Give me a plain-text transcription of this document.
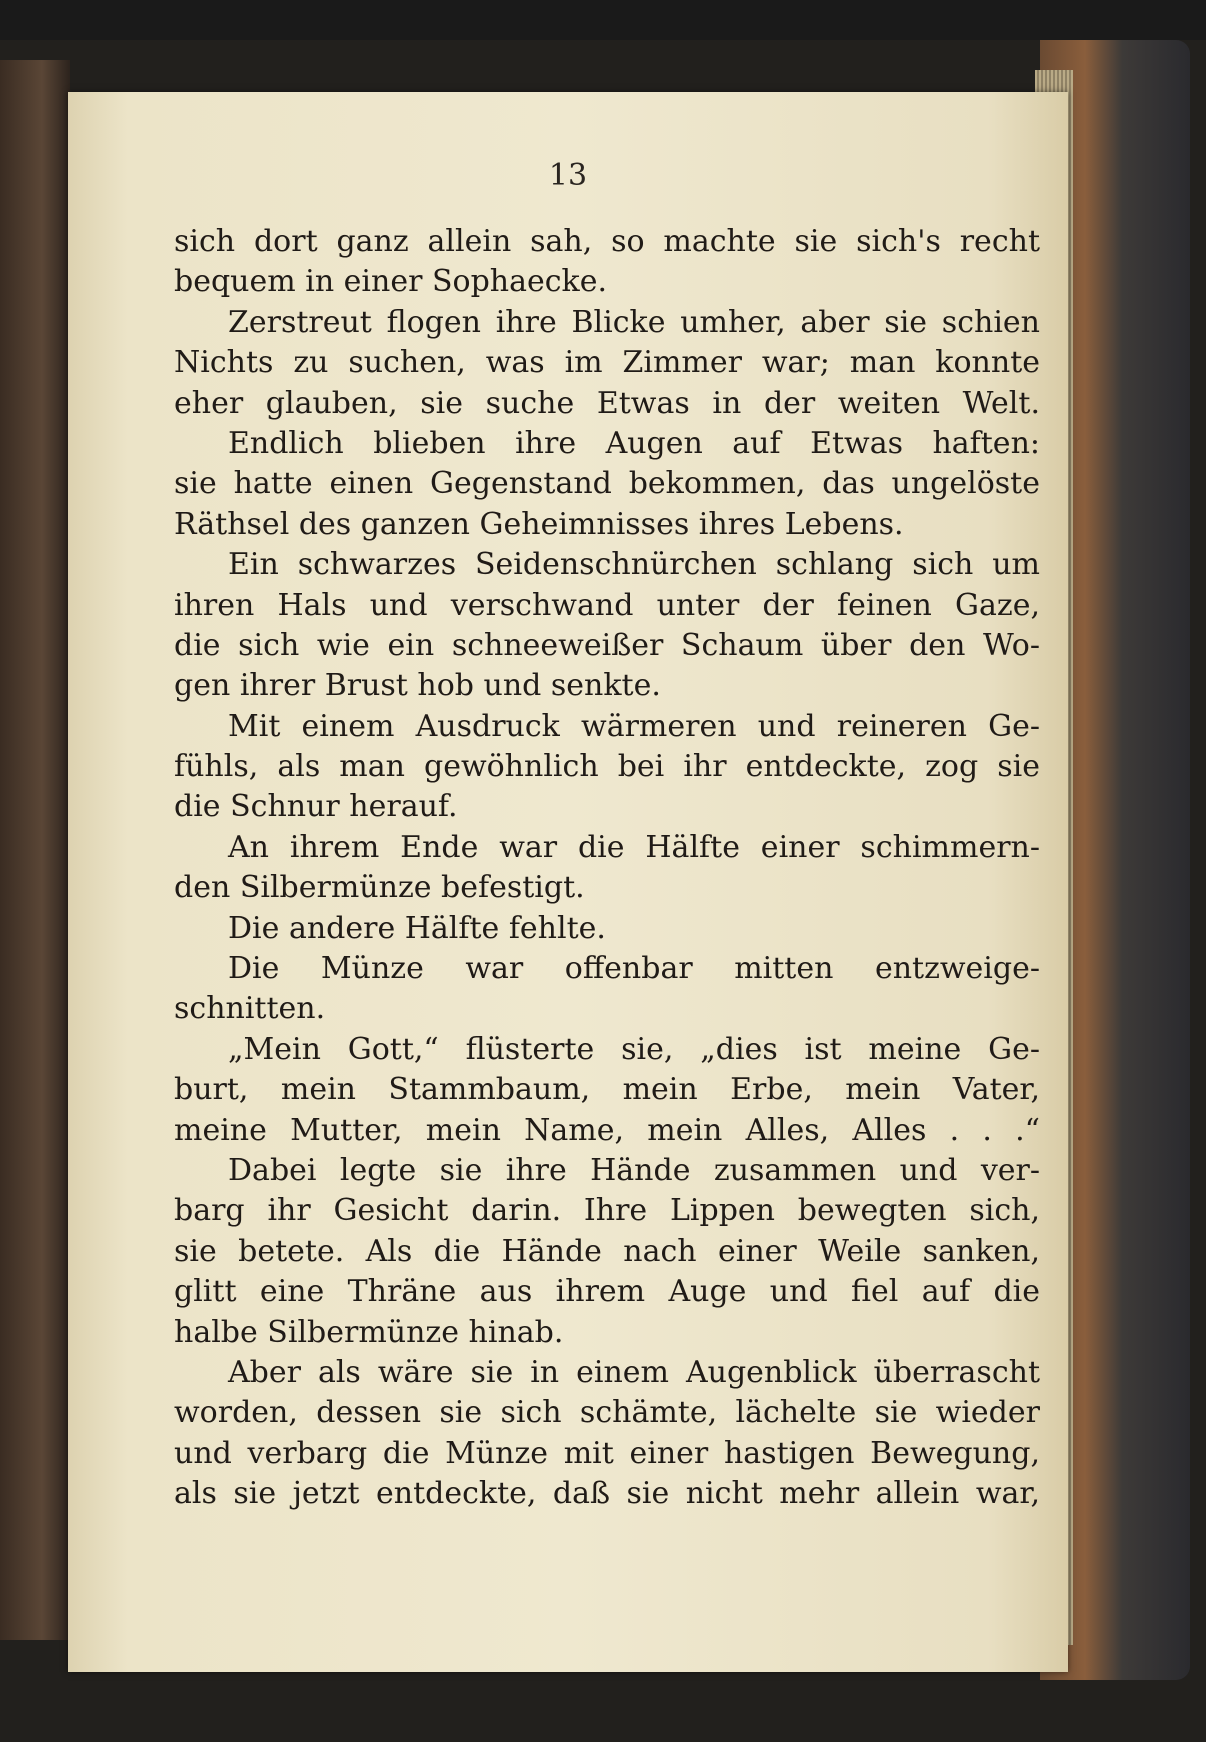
13
sich dort ganz allein sah, so machte sie sich's recht
bequem in einer Sophaecke.
Zerstreut flogen ihre Blicke umher, aber sie schien
Nichts zu suchen, was im Zimmer war; man konnte
eher glauben, sie suche Etwas in der weiten Welt.
Endlich blieben ihre Augen auf Etwas haften:
sie hatte einen Gegenstand bekommen, das ungelöste
Räthsel des ganzen Geheimnisses ihres Lebens.
Ein schwarzes Seidenschnürchen schlang sich um
ihren Hals und verschwand unter der feinen Gaze,
die sich wie ein schneeweißer Schaum über den Wo-
gen ihrer Brust hob und senkte.
Mit einem Ausdruck wärmeren und reineren Ge-
fühls, als man gewöhnlich bei ihr entdeckte, zog sie
die Schnur herauf.
An ihrem Ende war die Hälfte einer schimmern-
den Silbermünze befestigt.
Die andere Hälfte fehlte.
Die Münze war offenbar mitten entzweige-
schnitten.
„Mein Gott,“ flüsterte sie, „dies ist meine Ge-
burt, mein Stammbaum, mein Erbe, mein Vater,
meine Mutter, mein Name, mein Alles, Alles . . .“
Dabei legte sie ihre Hände zusammen und ver-
barg ihr Gesicht darin. Ihre Lippen bewegten sich,
sie betete. Als die Hände nach einer Weile sanken,
glitt eine Thräne aus ihrem Auge und fiel auf die
halbe Silbermünze hinab.
Aber als wäre sie in einem Augenblick überrascht
worden, dessen sie sich schämte, lächelte sie wieder
und verbarg die Münze mit einer hastigen Bewegung,
als sie jetzt entdeckte, daß sie nicht mehr allein war,
